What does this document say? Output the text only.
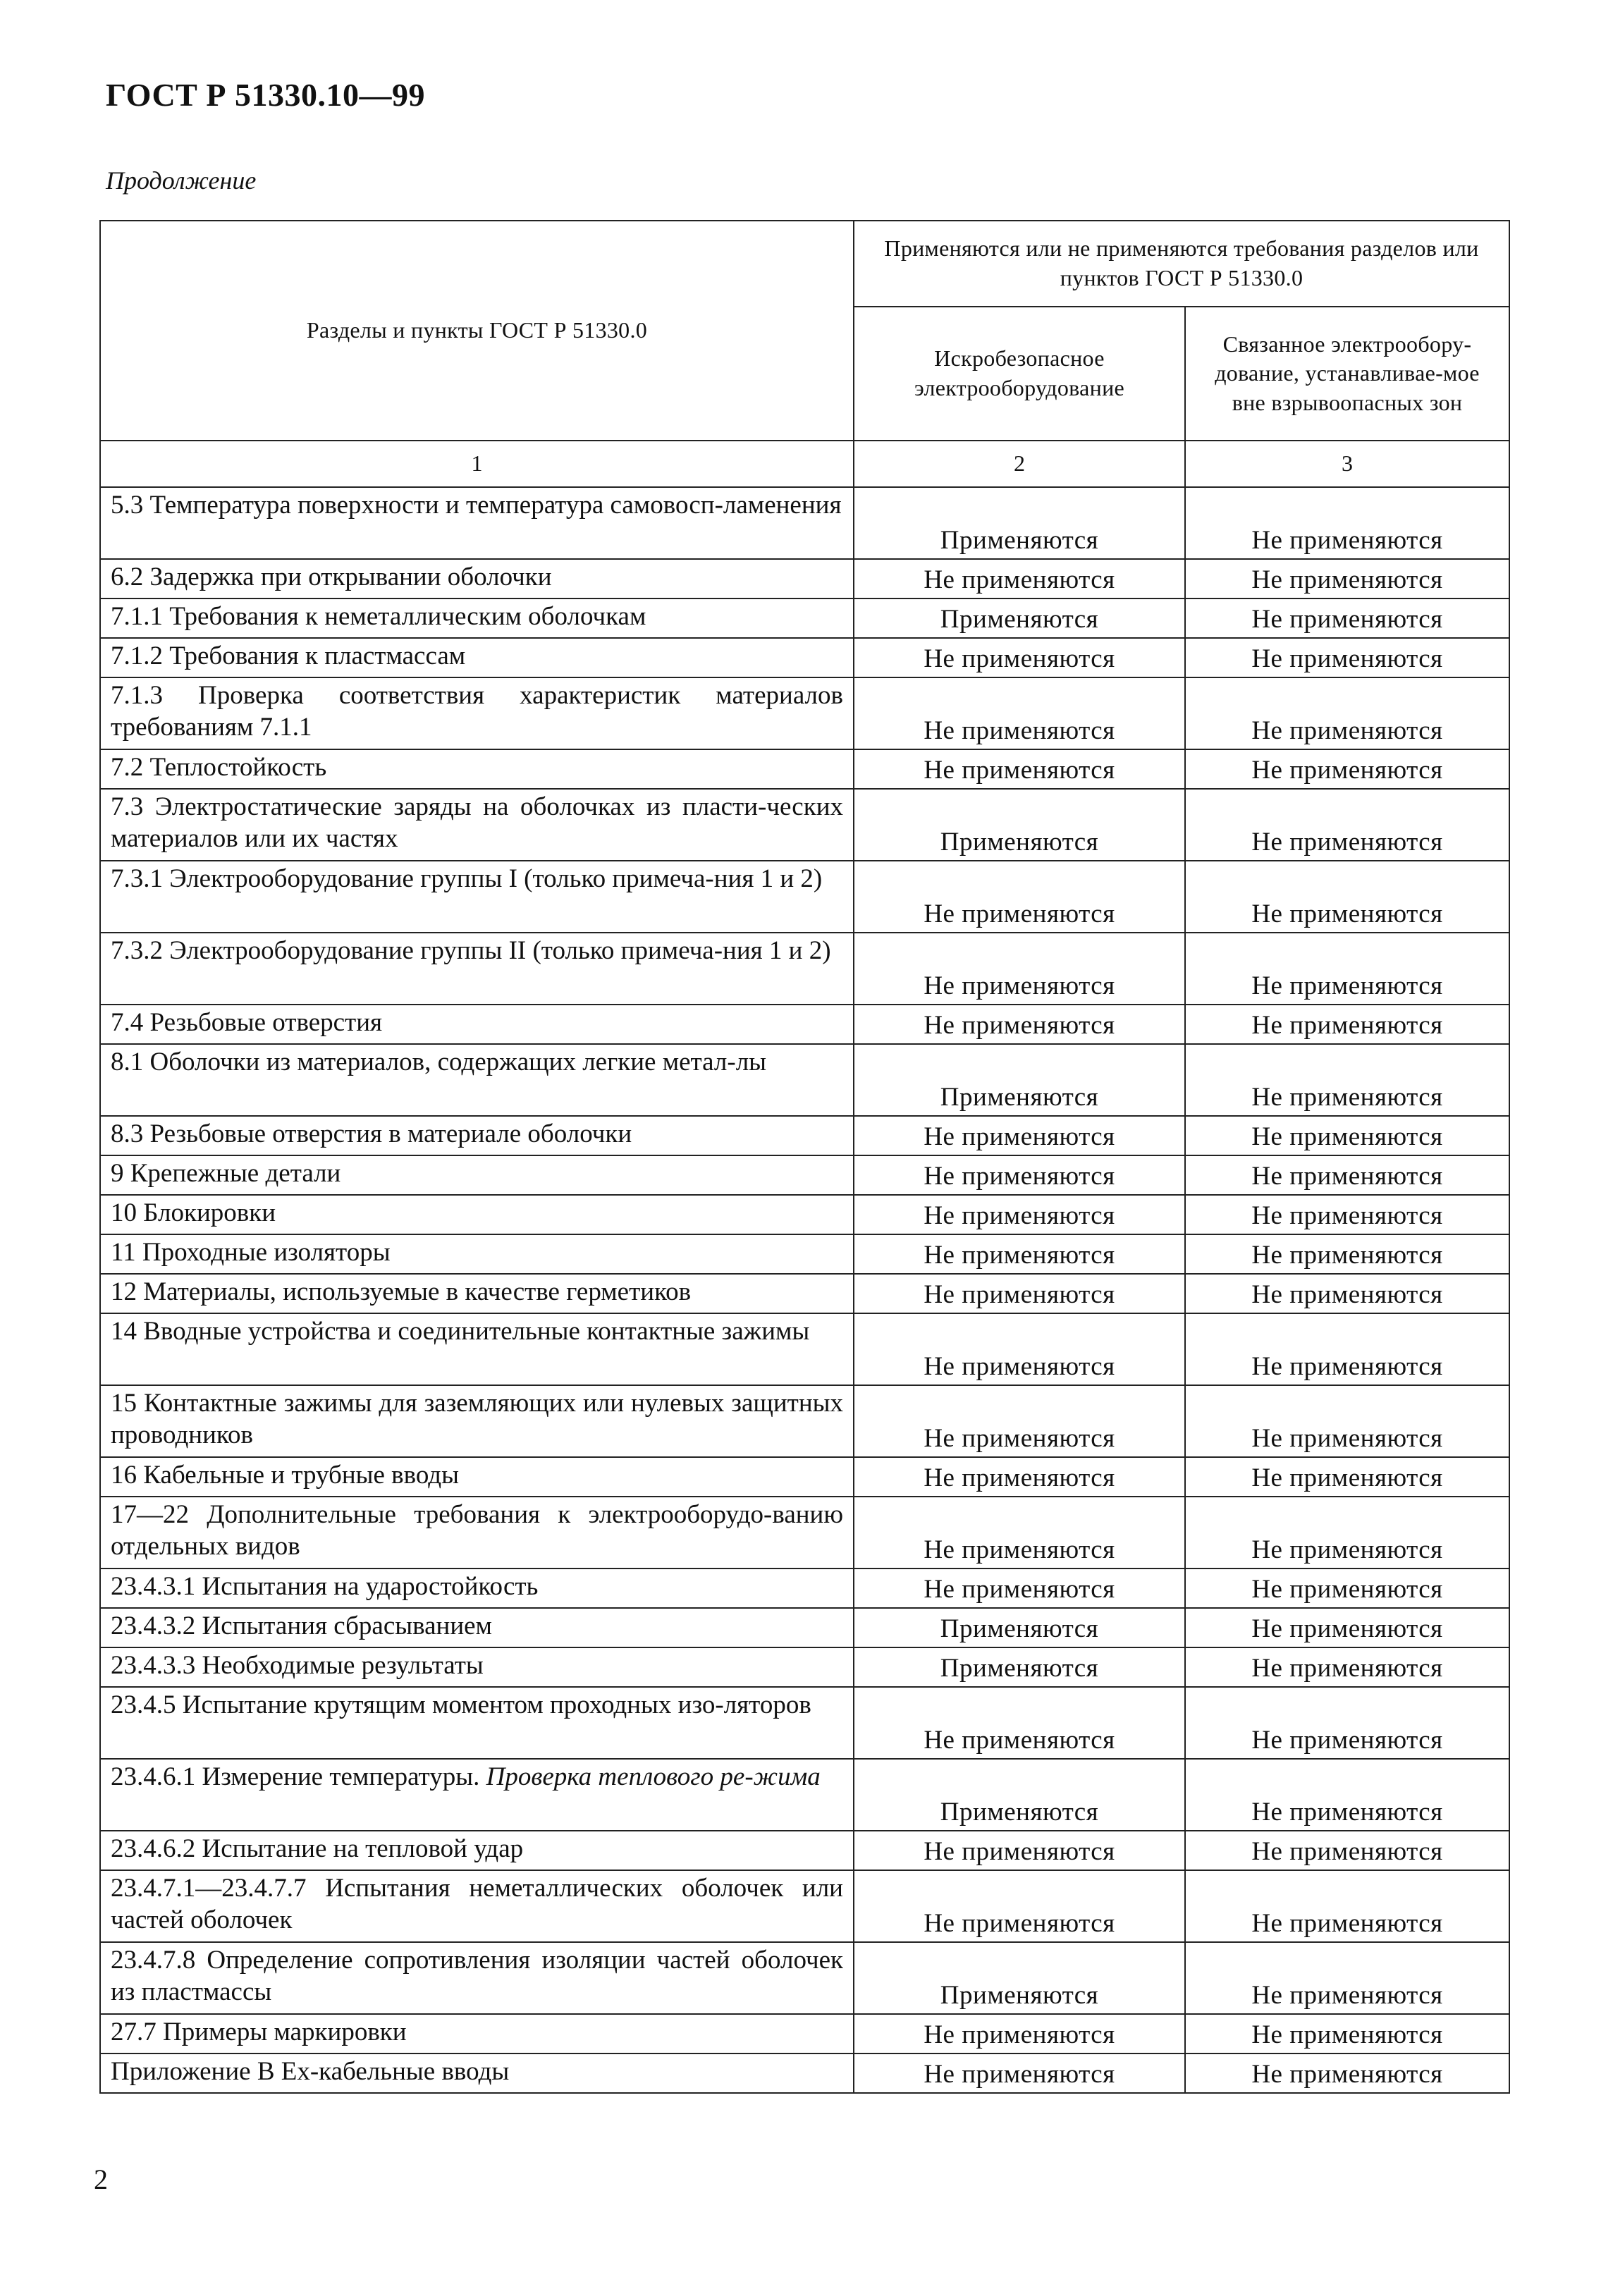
ГОСТ Р 51330.10—99
Продолжение
Разделы и пункты ГОСТ Р 51330.0	Применяются или не применяются требования разделов или пунктов ГОСТ Р 51330.0	
	Искробезопасное электрооборудование	Связанное электрообору-дование, устанавливае-мое вне взрывоопасных зон
1	2	3
5.3 Температура поверхности и температура самовосп-ламенения	Применяются	Не применяются
6.2 Задержка при открывании оболочки	Не применяются	Не применяются
7.1.1 Требования к неметаллическим оболочкам	Применяются	Не применяются
7.1.2 Требования к пластмассам	Не применяются	Не применяются
7.1.3 Проверка соответствия характеристик материалов требованиям 7.1.1	Не применяются	Не применяются
7.2 Теплостойкость	Не применяются	Не применяются
7.3 Электростатические заряды на оболочках из пласти-ческих материалов или их частях	Применяются	Не применяются
7.3.1 Электрооборудование группы I (только примеча-ния 1 и 2)	Не применяются	Не применяются
7.3.2 Электрооборудование группы II (только примеча-ния 1 и 2)	Не применяются	Не применяются
7.4 Резьбовые отверстия	Не применяются	Не применяются
8.1 Оболочки из материалов, содержащих легкие метал-лы	Применяются	Не применяются
8.3 Резьбовые отверстия в материале оболочки	Не применяются	Не применяются
9 Крепежные детали	Не применяются	Не применяются
10 Блокировки	Не применяются	Не применяются
11 Проходные изоляторы	Не применяются	Не применяются
12 Материалы, используемые в качестве герметиков	Не применяются	Не применяются
14 Вводные устройства и соединительные контактные зажимы	Не применяются	Не применяются
15 Контактные зажимы для заземляющих или нулевых защитных проводников	Не применяются	Не применяются
16 Кабельные и трубные вводы	Не применяются	Не применяются
17—22 Дополнительные требования к электрооборудо-ванию отдельных видов	Не применяются	Не применяются
23.4.3.1 Испытания на ударостойкость	Не применяются	Не применяются
23.4.3.2 Испытания сбрасыванием	Применяются	Не применяются
23.4.3.3 Необходимые результаты	Применяются	Не применяются
23.4.5 Испытание крутящим моментом проходных изо-ляторов	Не применяются	Не применяются
23.4.6.1 Измерение температуры. Проверка теплового ре-жима	Применяются	Не применяются
23.4.6.2 Испытание на тепловой удар	Не применяются	Не применяются
23.4.7.1—23.4.7.7 Испытания неметаллических оболочек или частей оболочек	Не применяются	Не применяются
23.4.7.8 Определение сопротивления изоляции частей оболочек из пластмассы	Применяются	Не применяются
27.7 Примеры маркировки	Не применяются	Не применяются
Приложение В Ех-кабельные вводы	Не применяются	Не применяются
2
